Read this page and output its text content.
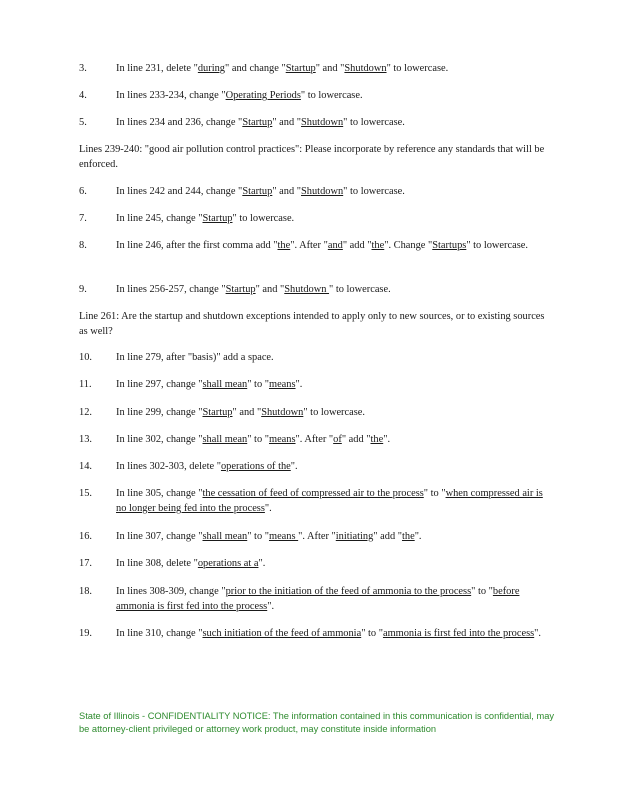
3.	In line 231, delete "during" and change "Startup" and "Shutdown" to lowercase.
4.	In lines 233-234, change "Operating Periods" to lowercase.
5.	In lines 234 and 236, change "Startup" and "Shutdown" to lowercase.
Lines 239-240: "good air pollution control practices": Please incorporate by reference any standards that will be enforced.
6.	In lines 242 and 244, change "Startup" and "Shutdown" to lowercase.
7.	In line 245, change "Startup" to lowercase.
8.	In line 246, after the first comma add "the". After "and" add "the". Change "Startups" to lowercase.
9.	In lines 256-257, change "Startup" and "Shutdown " to lowercase.
Line 261: Are the startup and shutdown exceptions intended to apply only to new sources, or to existing sources as well?
10.	In line 279, after "basis)" add a space.
11.	In line 297, change "shall mean" to "means".
12.	In line 299, change "Startup" and "Shutdown" to lowercase.
13.	In line 302, change "shall mean" to "means". After "of" add "the".
14.	In lines 302-303, delete "operations of the".
15.	In line 305, change "the cessation of feed of compressed air to the process" to "when compressed air is no longer being fed into the process".
16.	In line 307, change "shall mean" to "means ". After "initiating" add "the".
17.	In line 308, delete "operations at a".
18.	In lines 308-309, change "prior to the initiation of the feed of ammonia to the process" to "before ammonia is first fed into the process".
19.	In line 310, change "such initiation of the feed of ammonia" to "ammonia is first fed into the process".
State of Illinois - CONFIDENTIALITY NOTICE: The information contained in this communication is confidential, may be attorney-client privileged or attorney work product, may constitute inside information
